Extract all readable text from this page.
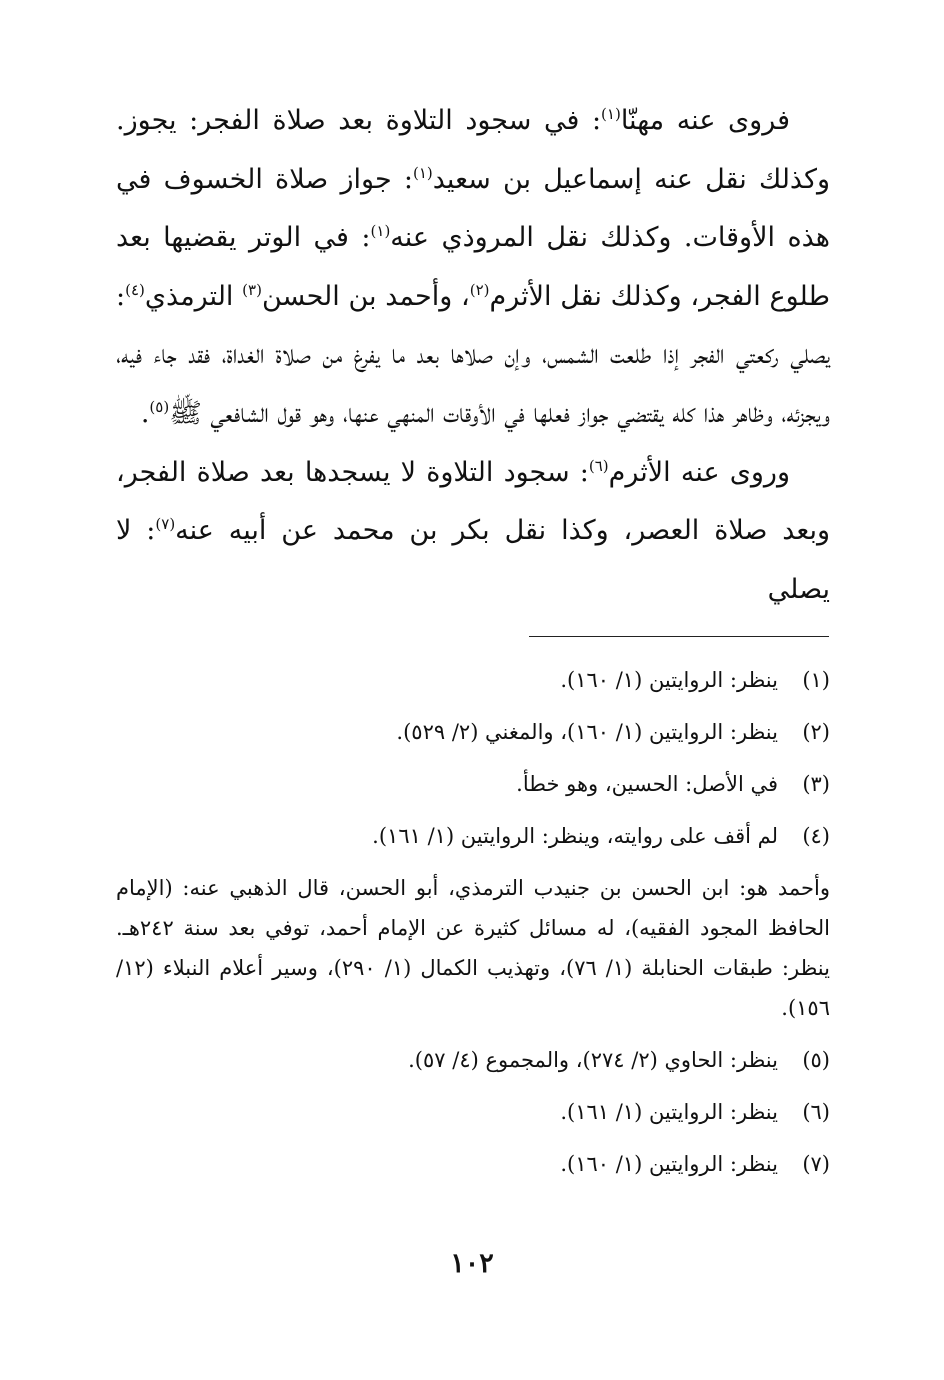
فروى عنه مهنّا$^{(١)}$: في سجود التلاوة بعد صلاة الفجر: يجوز. وكذلك نقل عنه إسماعيل بن سعيد$^{(١)}$: جواز صلاة الخسوف في هذه الأوقات. وكذلك نقل المروذي عنه$^{(١)}$: في الوتر يقضيها بعد طلوع الفجر، وكذلك نقل الأثرم$^{(٢)}$، وأحمد بن الحسن$^{(٣)}$ الترمذي$^{(٤)}$: يصلي ركعتي الفجر إذا طلعت الشمس، وإن صلاها بعد ما يفرغ من صلاة الغداة، فقد جاء فيه، ويجزئه، وظاهر هذا كله يقتضي جواز فعلها في الأوقات المنهي عنها، وهو قول الشافعي ﷺ$^{(٥)}$.

وروى عنه الأثرم$^{(٦)}$: سجود التلاوة لا يسجدها بعد صلاة الفجر، وبعد صلاة العصر، وكذا نقل بكر بن محمد عن أبيه عنه$^{(٧)}$: لا يصلي

(١)
ينظر: الروايتين (١/ ١٦٠).
(٢)
ينظر: الروايتين (١/ ١٦٠)، والمغني (٢/ ٥٢٩).
(٣)
في الأصل: الحسين، وهو خطأ.
(٤)
لم أقف على روايته، وينظر: الروايتين (١/ ١٦١).
وأحمد هو: ابن الحسن بن جنيدب الترمذي، أبو الحسن، قال الذهبي عنه: (الإمام الحافظ المجود الفقيه)، له مسائل كثيرة عن الإمام أحمد، توفي بعد سنة ٢٤٢هـ. ينظر: طبقات الحنابلة (١/ ٧٦)، وتهذيب الكمال (١/ ٢٩٠)، وسير أعلام النبلاء (١٢/ ١٥٦).
(٥)
ينظر: الحاوي (٢/ ٢٧٤)، والمجموع (٤/ ٥٧).
(٦)
ينظر: الروايتين (١/ ١٦١).
(٧)
ينظر: الروايتين (١/ ١٦٠).
١٠٢
